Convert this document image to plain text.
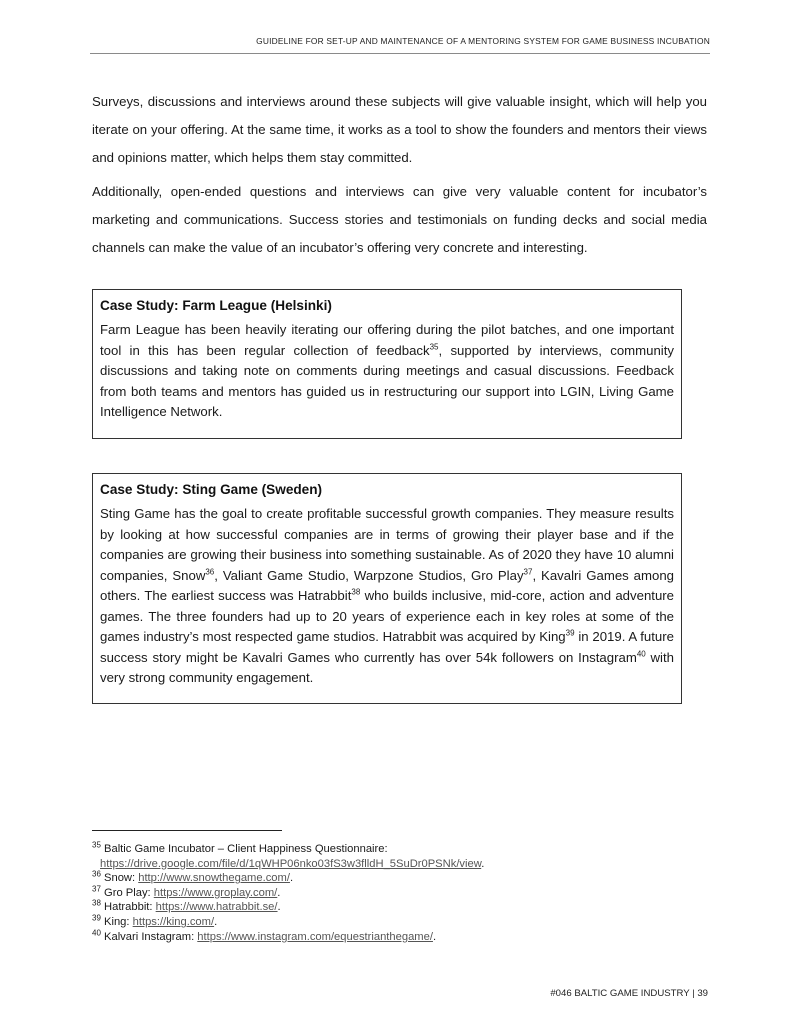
GUIDELINE FOR SET-UP AND MAINTENANCE OF A MENTORING SYSTEM FOR GAME BUSINESS INCUBATION

Surveys, discussions and interviews around these subjects will give valuable insight, which will help you iterate on your offering. At the same time, it works as a tool to show the founders and mentors their views and opinions matter, which helps them stay committed.

Additionally, open-ended questions and interviews can give very valuable content for incubator’s marketing and communications. Success stories and testimonials on funding decks and social media channels can make the value of an incubator’s offering very concrete and interesting.

Case Study: Farm League (Helsinki)

Farm League has been heavily iterating our offering during the pilot batches, and one important tool in this has been regular collection of feedback$^{35}$, supported by interviews, community discussions and taking note on comments during meetings and casual discussions. Feedback from both teams and mentors has guided us in restructuring our support into LGIN, Living Game Intelligence Network.

Case Study: Sting Game (Sweden)

Sting Game has the goal to create profitable successful growth companies. They measure results by looking at how successful companies are in terms of growing their player base and if the companies are growing their business into something sustainable. As of 2020 they have 10 alumni companies, Snow$^{36}$, Valiant Game Studio, Warpzone Studios, Gro Play$^{37}$, Kavalri Games among others. The earliest success was Hatrabbit$^{38}$ who builds inclusive, mid-core, action and adventure games. The three founders had up to 20 years of experience each in key roles at some of the games industry’s most respected game studios. Hatrabbit was acquired by King$^{39}$ in 2019. A future success story might be Kavalri Games who currently has over 54k followers on Instagram$^{40}$ with very strong community engagement.

$^{35}$ Baltic Game Incubator – Client Happiness Questionnaire:
https://drive.google.com/file/d/1qWHP06nko03fS3w3flldH_5SuDr0PSNk/view.
$^{36}$ Snow: http://www.snowthegame.com/.
$^{37}$ Gro Play: https://www.groplay.com/.
$^{38}$ Hatrabbit: https://www.hatrabbit.se/.
$^{39}$ King: https://king.com/.
$^{40}$ Kalvari Instagram: https://www.instagram.com/equestrianthegame/.
#046 BALTIC GAME INDUSTRY | 39
